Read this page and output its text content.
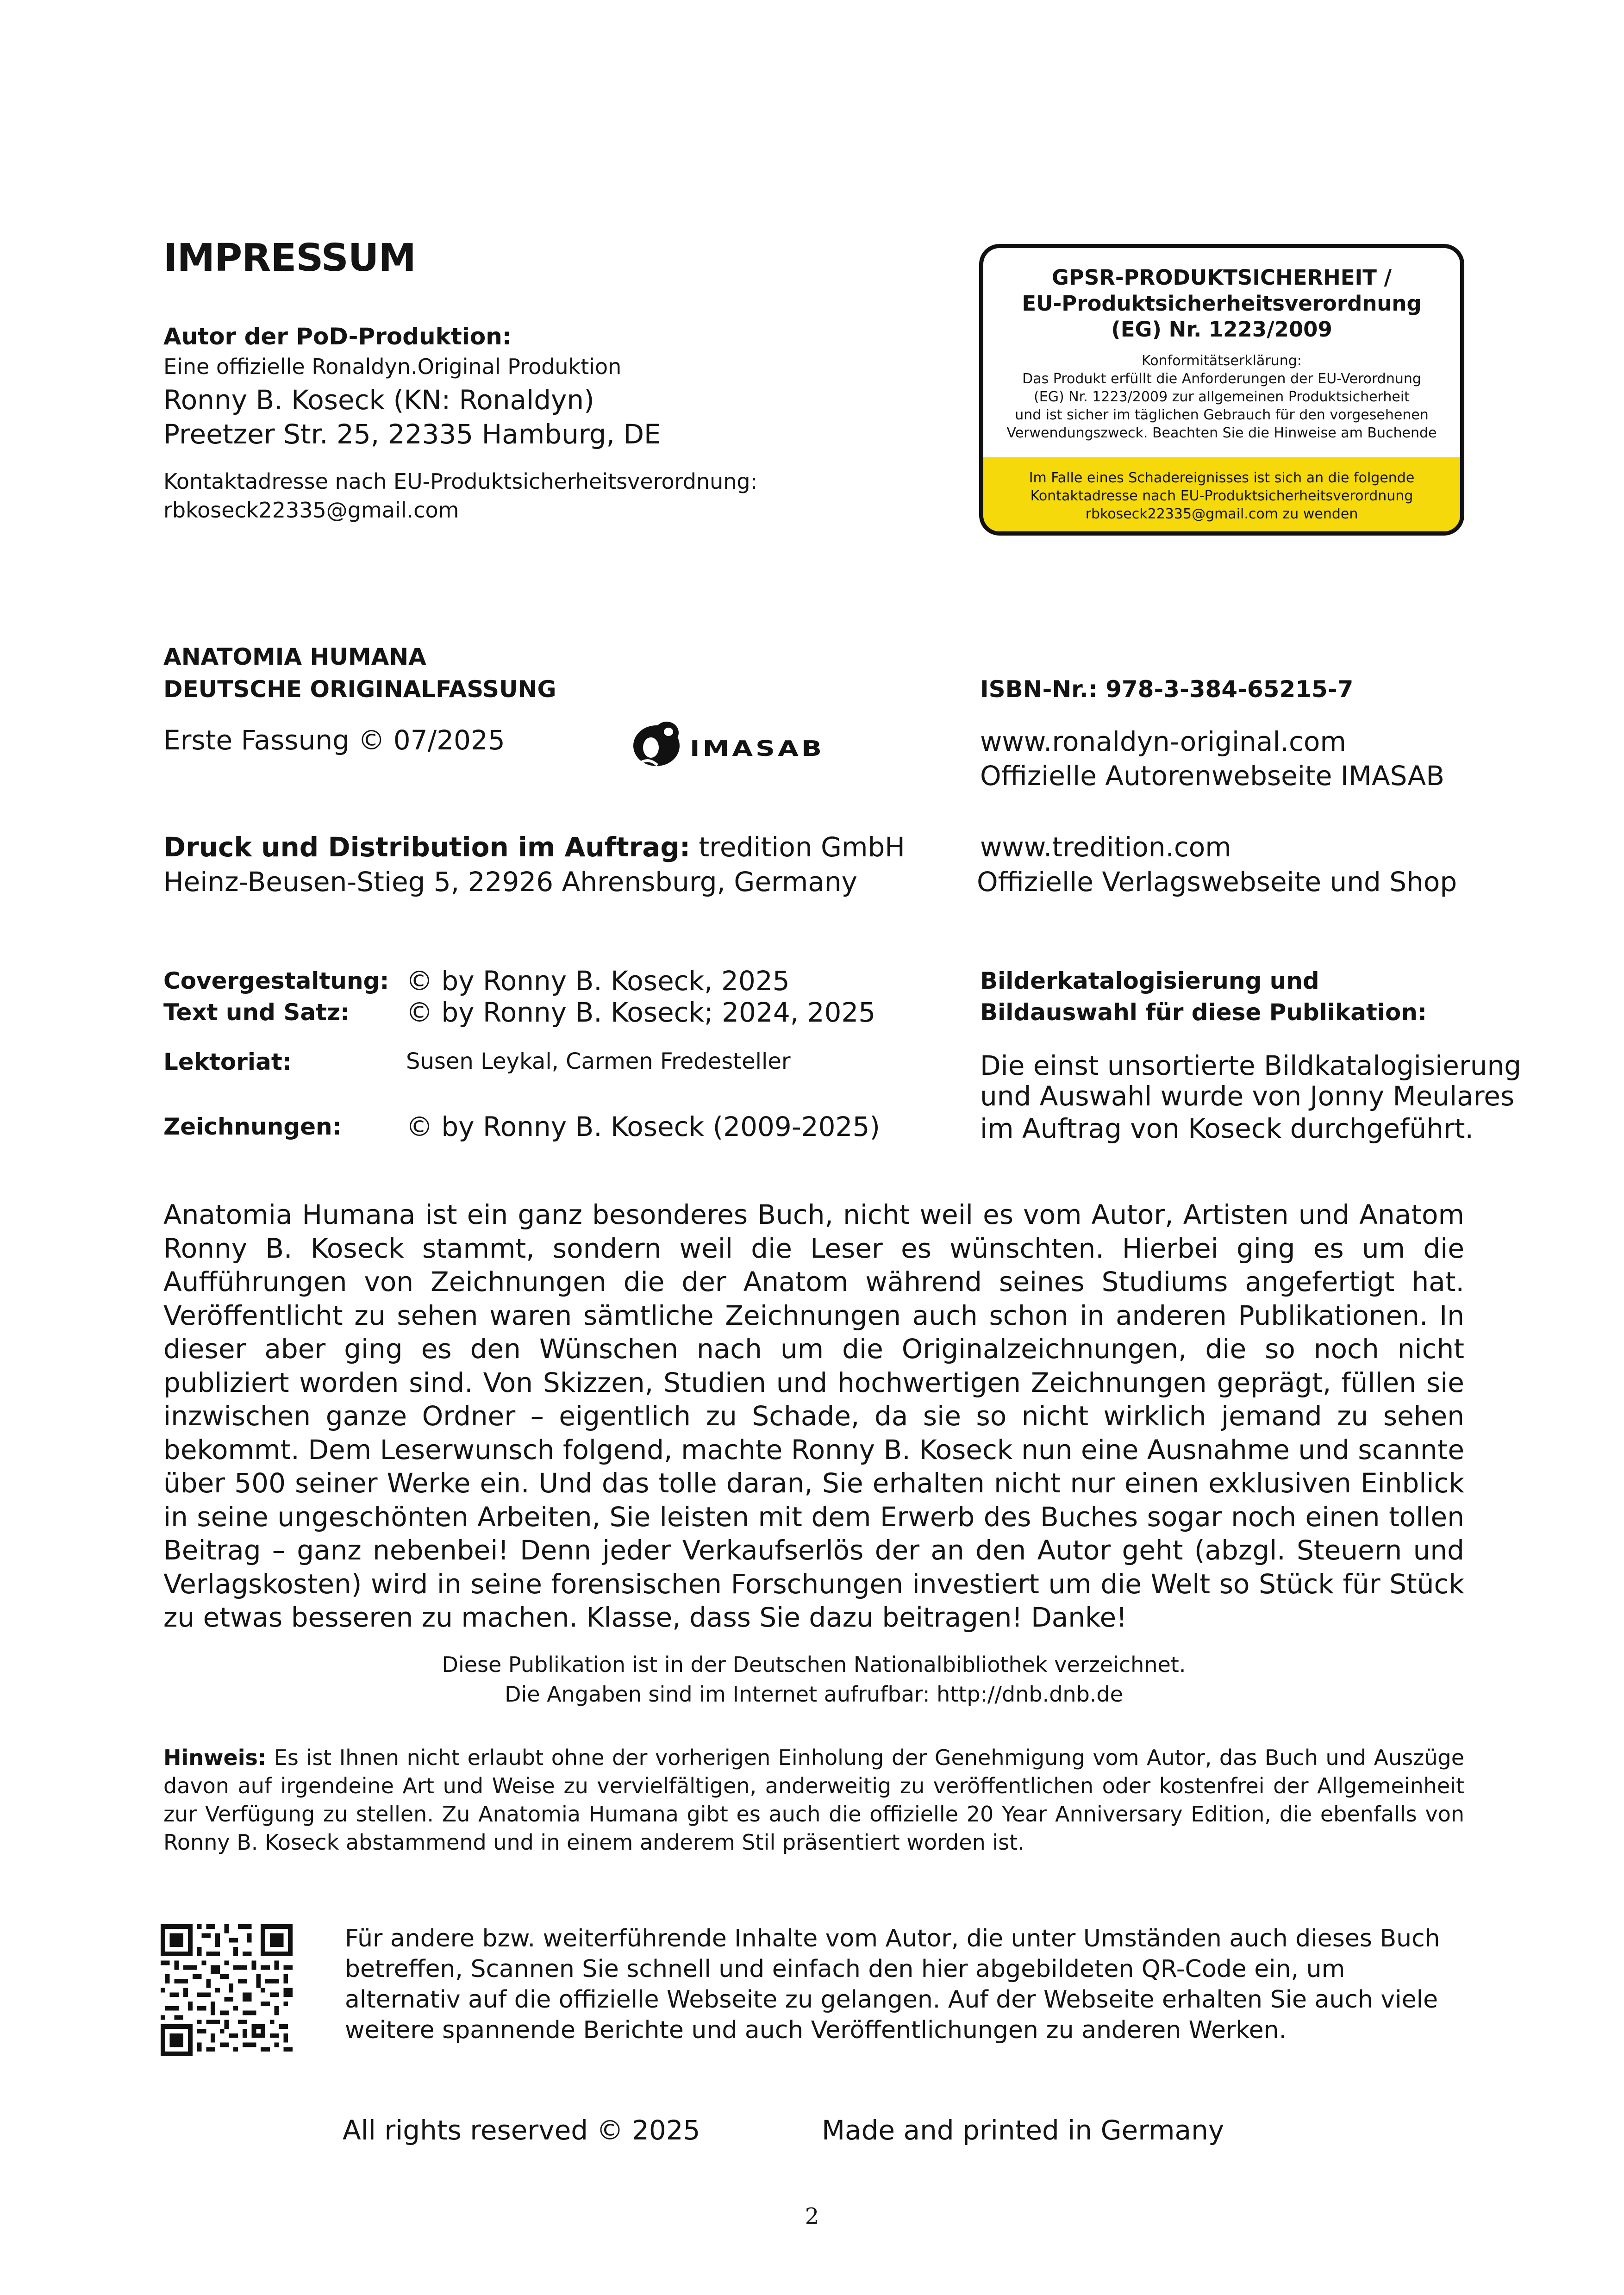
IMPRESSUM
Autor der PoD-Produktion:
Eine offizielle Ronaldyn.Original Produktion
Ronny B. Koseck (KN: Ronaldyn)
Preetzer Str. 25, 22335 Hamburg, DE
Kontaktadresse nach EU-Produktsicherheitsverordnung:
rbkoseck22335@gmail.com
GPSR-PRODUKTSICHERHEIT /
EU-Produktsicherheitsverordnung
(EG) Nr. 1223/2009
Konformitätserklärung:
Das Produkt erfüllt die Anforderungen der EU-Verordnung
(EG) Nr. 1223/2009 zur allgemeinen Produktsicherheit
und ist sicher im täglichen Gebrauch für den vorgesehenen
Verwendungszweck. Beachten Sie die Hinweise am Buchende
Im Falle eines Schadereignisses ist sich an die folgende
Kontaktadresse nach EU-Produktsicherheitsverordnung
rbkoseck22335@gmail.com zu wenden
ANATOMIA HUMANA
DEUTSCHE ORIGINALFASSUNG
Erste Fassung © 07/2025	IMASAB
ISBN-Nr.: 978-3-384-65215-7
www.ronaldyn-original.com
Offizielle Autorenwebseite IMASAB
Druck und Distribution im Auftrag: tredition GmbH
Heinz-Beusen-Stieg 5, 22926 Ahrensburg, Germany
www.tredition.com
Offizielle Verlagswebseite und Shop
Covergestaltung: © by Ronny B. Koseck, 2025
Text und Satz: © by Ronny B. Koseck; 2024, 2025
Lektoriat:	Susen Leykal, Carmen Fredesteller
Zeichnungen: © by Ronny B. Koseck (2009-2025)
Bilderkatalogisierung und
Bildauswahl für diese Publikation:
Die einst unsortierte Bildkatalogisierung
und Auswahl wurde von Jonny Meulares
im Auftrag von Koseck durchgeführt.
Anatomia Humana ist ein ganz besonderes Buch, nicht weil es vom Autor, Artisten und Anatom Ronny B. Koseck stammt, sondern weil die Leser es wünschten. Hierbei ging es um die Aufführungen von Zeichnungen die der Anatom während seines Studiums angefertigt hat. Veröffentlicht zu sehen waren sämtliche Zeichnungen auch schon in anderen Publikationen. In dieser aber ging es den Wünschen nach um die Originalzeichnungen, die so noch nicht publiziert worden sind. Von Skizzen, Studien und hochwertigen Zeichnungen geprägt, füllen sie inzwischen ganze Ordner – eigentlich zu Schade, da sie so nicht wirklich jemand zu sehen bekommt. Dem Leserwunsch folgend, machte Ronny B. Koseck nun eine Ausnahme und scannte über 500 seiner Werke ein. Und das tolle daran, Sie erhalten nicht nur einen exklusiven Einblick in seine ungeschönten Arbeiten, Sie leisten mit dem Erwerb des Buches sogar noch einen tollen Beitrag – ganz nebenbei! Denn jeder Verkaufserlös der an den Autor geht (abzgl. Steuern und Verlagskosten) wird in seine forensischen Forschungen investiert um die Welt so Stück für Stück zu etwas besseren zu machen. Klasse, dass Sie dazu beitragen! Danke!
Diese Publikation ist in der Deutschen Nationalbibliothek verzeichnet.
Die Angaben sind im Internet aufrufbar: http://dnb.dnb.de
Hinweis: Es ist Ihnen nicht erlaubt ohne der vorherigen Einholung der Genehmigung vom Autor, das Buch und Auszüge davon auf irgendeine Art und Weise zu vervielfältigen, anderweitig zu veröffentlichen oder kostenfrei der Allgemeinheit zur Verfügung zu stellen. Zu Anatomia Humana gibt es auch die offizielle 20 Year Anniversary Edition, die ebenfalls von Ronny B. Koseck abstammend und in einem anderem Stil präsentiert worden ist.
Für andere bzw. weiterführende Inhalte vom Autor, die unter Umständen auch dieses Buch betreffen, Scannen Sie schnell und einfach den hier abgebildeten QR-Code ein, um alternativ auf die offizielle Webseite zu gelangen. Auf der Webseite erhalten Sie auch viele weitere spannende Berichte und auch Veröffentlichungen zu anderen Werken.
All rights reserved © 2025	Made and printed in Germany
2
